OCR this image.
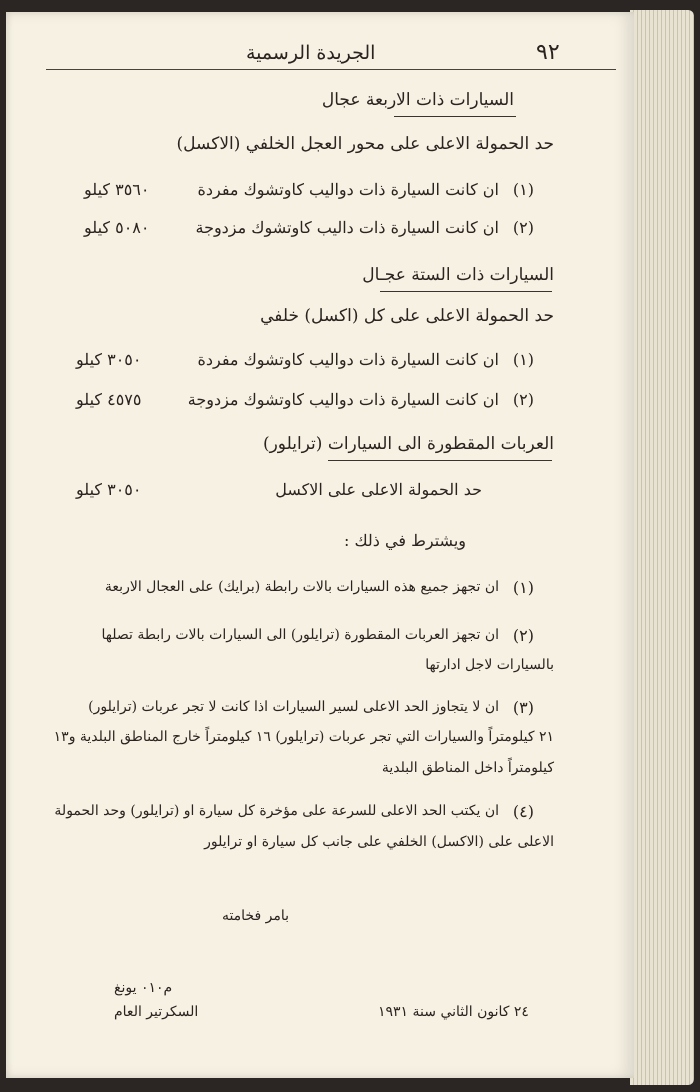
٩٢
الجريدة الرسمية
السيارات ذات الاربعة عجال
حد الحمولة الاعلى على محور العجل الخلفي (الاكسل)
(١)
ان كانت السيارة ذات دواليب كاوتشوك مفردة
٣٥٦٠ كيلو
(٢)
ان كانت السيارة ذات داليب كاوتشوك مزدوجة
٥٠٨٠ كيلو
السيارات ذات الستة عجـال
حد الحمولة الاعلى على كل (اكسل) خلفي
(١)
ان كانت السيارة ذات دواليب كاوتشوك مفردة
٣٠٥٠ كيلو
(٢)
ان كانت السيارة ذات دواليب كاوتشوك مزدوجة
٤٥٧٥ كيلو
العربات المقطورة الى السيارات (ترايلور)
حد الحمولة الاعلى على الاكسل
٣٠٥٠ كيلو
ويشترط في ذلك :
(١)
ان تجهز جميع هذه السيارات بالات رابطة (برايك) على العجال الاربعة
(٢)
ان تجهز العربات المقطورة (ترايلور) الى السيارات بالات رابطة تصلها
بالسيارات لاجل ادارتها
(٣)
ان لا يتجاوز الحد الاعلى لسير السيارات اذا كانت لا تجر عربات (ترايلور)
٢١ كيلومتراً والسيارات التي تجر عربات (ترايلور) ١٦ كيلومتراً خارج المناطق البلدية و١٣
كيلومتراً داخل المناطق البلدية
(٤)
ان يكتب الحد الاعلى للسرعة على مؤخرة كل سيارة او (ترايلور) وحد الحمولة
الاعلى على (الاكسل) الخلفي على جانب كل سيارة او ترايلور
بامر فخامته
م٠١٠ يونغ
السكرتير العام	٢٤ كانون الثاني سنة ١٩٣١
